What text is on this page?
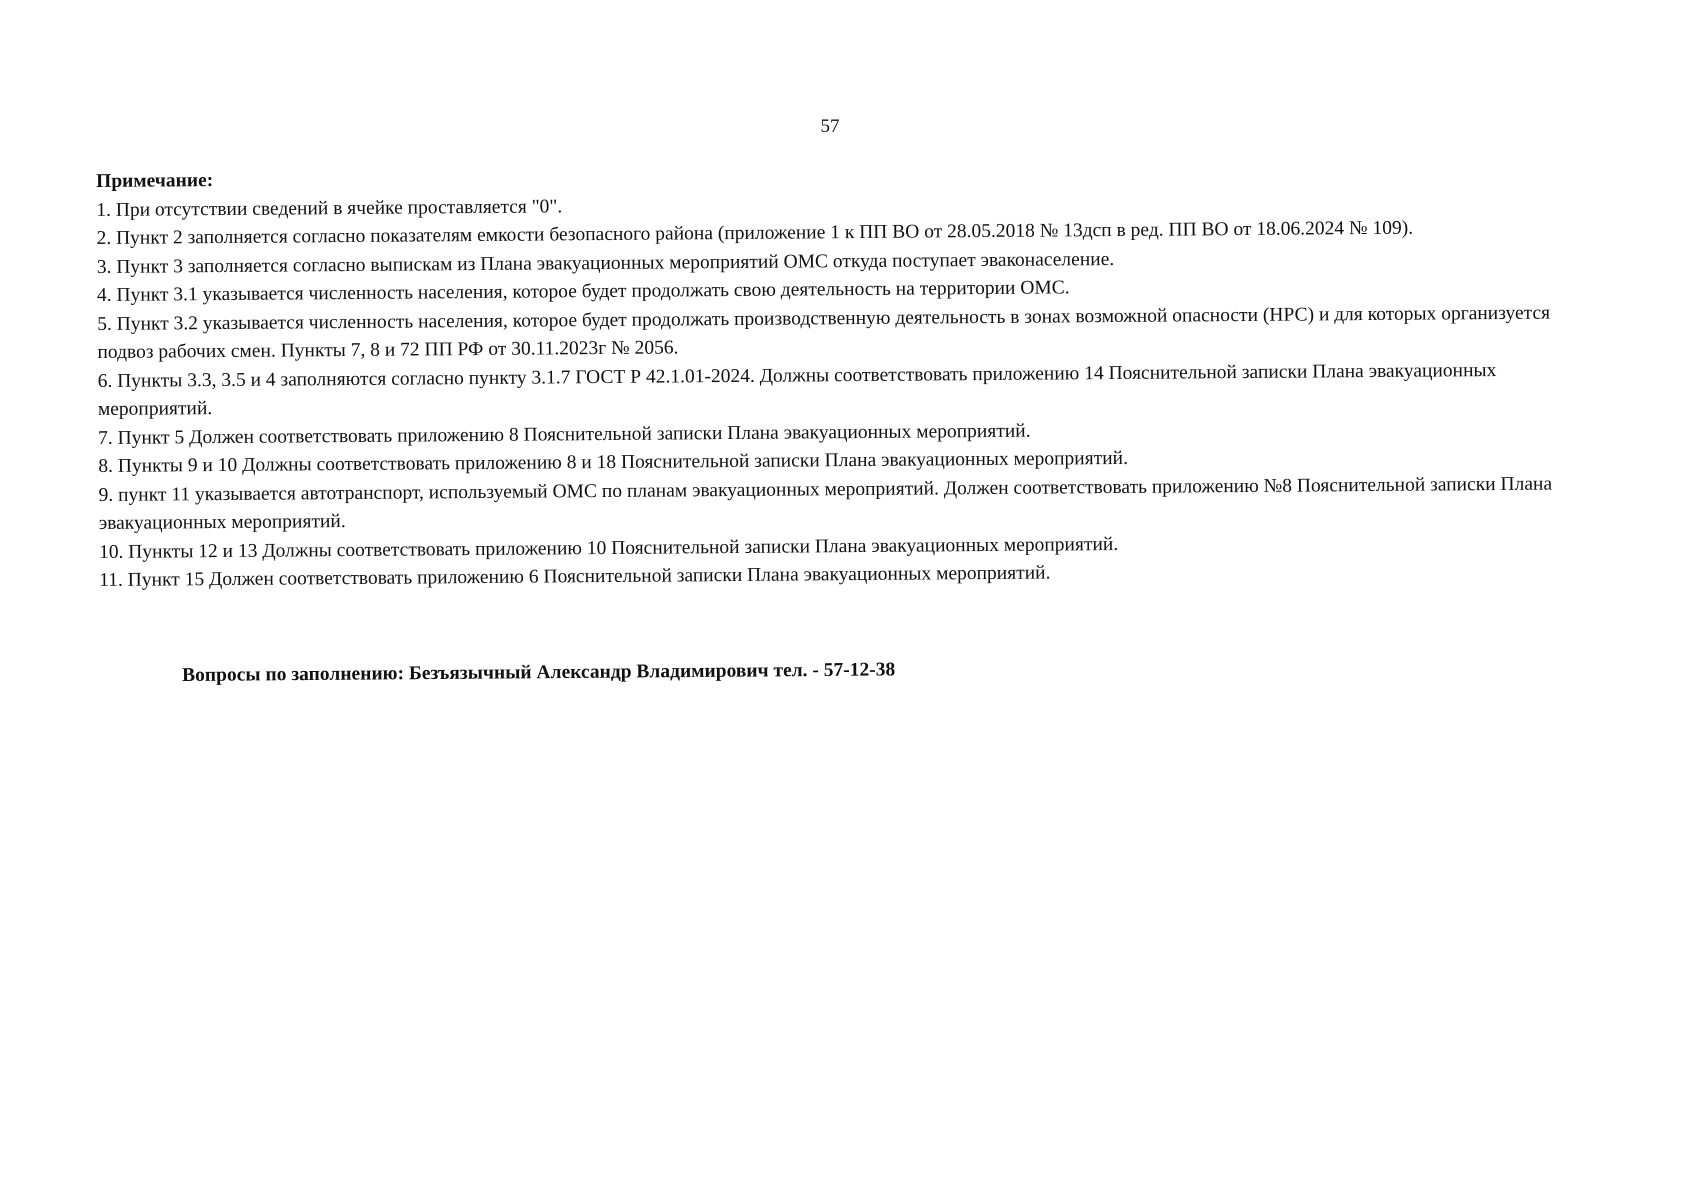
57

Примечание:

1. При отсутствии сведений в ячейке проставляется "0".
2. Пункт 2 заполняется согласно показателям емкости безопасного района (приложение 1 к ПП ВО от 28.05.2018 № 13дсп в ред. ПП ВО от 18.06.2024 № 109).
3. Пункт 3 заполняется согласно выпискам из Плана эвакуационных мероприятий ОМС откуда поступает эваконаселение.
4. Пункт 3.1 указывается численность населения, которое будет продолжать свою деятельность на территории ОМС.
5. Пункт 3.2 указывается численность населения, которое будет продолжать производственную деятельность в зонах возможной опасности (НРС) и для которых организуется подвоз рабочих смен. Пункты 7, 8 и 72 ПП РФ от 30.11.2023г № 2056.
6. Пункты 3.3, 3.5 и 4 заполняются согласно пункту 3.1.7 ГОСТ Р 42.1.01-2024. Должны соответствовать приложению 14 Пояснительной записки Плана эвакуационных мероприятий.
7. Пункт 5 Должен соответствовать приложению 8 Пояснительной записки Плана эвакуационных мероприятий.
8. Пункты 9 и 10 Должны соответствовать приложению 8 и 18 Пояснительной записки Плана эвакуационных мероприятий.
9. пункт 11 указывается автотранспорт, используемый ОМС по планам эвакуационных мероприятий. Должен соответствовать приложению №8 Пояснительной записки Плана эвакуационных мероприятий.
10. Пункты 12 и 13 Должны соответствовать приложению 10 Пояснительной записки Плана эвакуационных мероприятий.
11. Пункт 15 Должен соответствовать приложению 6 Пояснительной записки Плана эвакуационных мероприятий.
Вопросы по заполнению: Безъязычный Александр Владимирович тел. - 57-12-38
